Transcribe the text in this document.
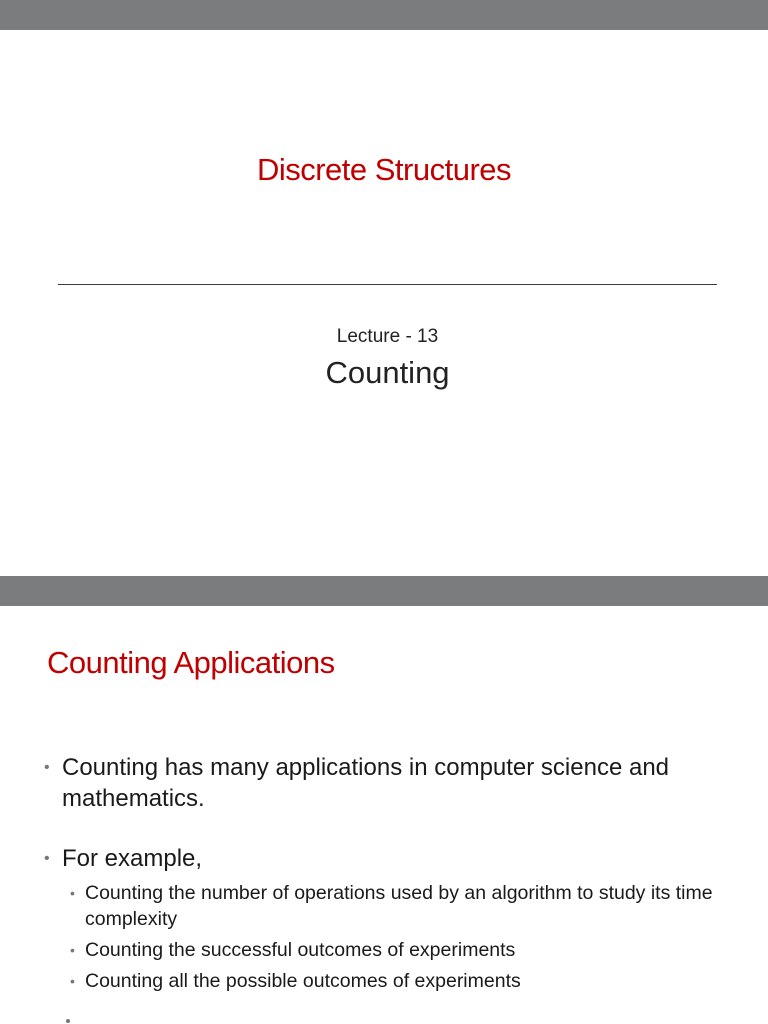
Discrete Structures
Lecture - 13
Counting
Counting Applications
• Counting has many applications in computer science and mathematics.
• For example,
• Counting the number of operations used by an algorithm to study its time complexity
• Counting the successful outcomes of experiments
• Counting all the possible outcomes of experiments
